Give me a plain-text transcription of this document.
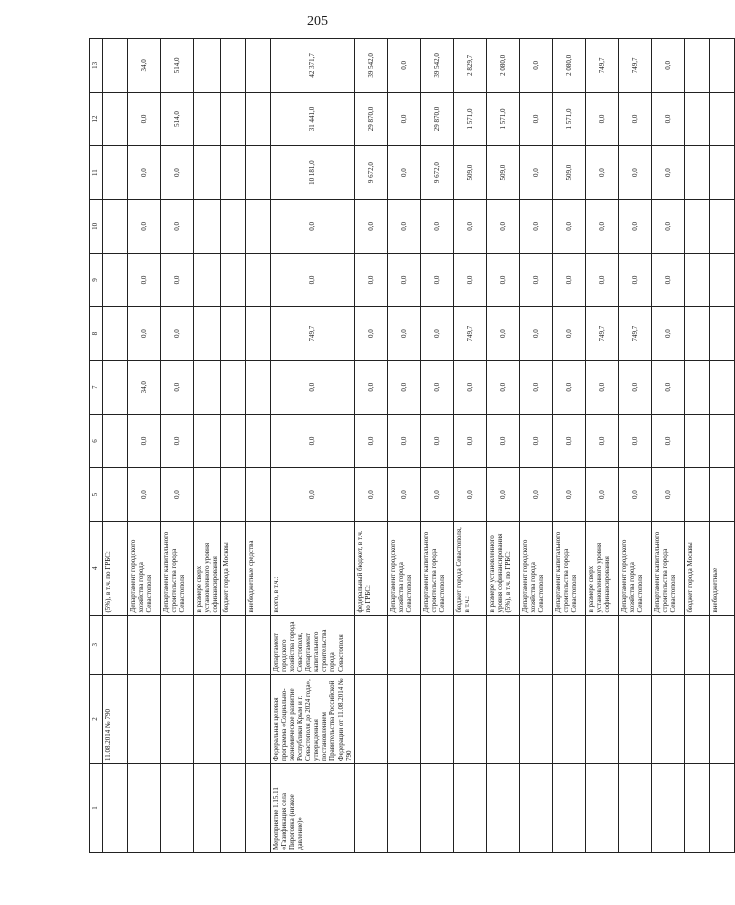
205
1	2	3	4	5	6	7	8	9	10	11	12	13
	11.08.2014 № 790		(5%), в т.ч. по ГРБС:									
			Департамент городского хозяйства города Севастополя	0,0	0,0	34,0	0,0	0,0	0,0	0,0	0,0	34,0
			Департамент капитального строительства города Севастополя	0,0	0,0	0,0	0,0	0,0	0,0	0,0	514,0	514,0
			в размере сверх установленного уровня софинансирования									
			бюджет города Москвы									
			внебюджетные средства									
Мероприятие 1.15.11 «Газификация села Пироговка (низкое давление)»	Федеральная целевая программа «Социально-экономическое развитие Республики Крым и г. Севастополя до 2024 года», утвержденная постановлением Правительства Российской Федерации от 11.08.2014 № 790	Департамент городского хозяйства города Севастополя, Департамент капитального строительства города Севастополя	всего, в т.ч.:	0,0	0,0	0,0	749,7	0,0	0,0	10 181,0	31 441,0	42 371,7
			федеральный бюджет, в т.ч. по ГРБС:	0,0	0,0	0,0	0,0	0,0	0,0	9 672,0	29 870,0	39 542,0
			Департамент городского хозяйства города Севастополя	0,0	0,0	0,0	0,0	0,0	0,0	0,0	0,0	0,0
			Департамент капитального строительства города Севастополя	0,0	0,0	0,0	0,0	0,0	0,0	9 672,0	29 870,0	39 542,0
			бюджет города Севастополя, в т.ч.:	0,0	0,0	0,0	749,7	0,0	0,0	509,0	1 571,0	2 829,7
			в размере установленного уровня софинансирования (5%), в т.ч. по ГРБС:	0,0	0,0	0,0	0,0	0,0	0,0	509,0	1 571,0	2 080,0
			Департамент городского хозяйства города Севастополя	0,0	0,0	0,0	0,0	0,0	0,0	0,0	0,0	0,0
			Департамент капитального строительства города Севастополя	0,0	0,0	0,0	0,0	0,0	0,0	509,0	1 571,0	2 080,0
			в размере сверх установленного уровня софинансирования	0,0	0,0	0,0	749,7	0,0	0,0	0,0	0,0	749,7
			Департамент городского хозяйства города Севастополя	0,0	0,0	0,0	749,7	0,0	0,0	0,0	0,0	749,7
			Департамент капитального строительства города Севастополя	0,0	0,0	0,0	0,0	0,0	0,0	0,0	0,0	0,0
			бюджет города Москвы									
			внебюджетные									
